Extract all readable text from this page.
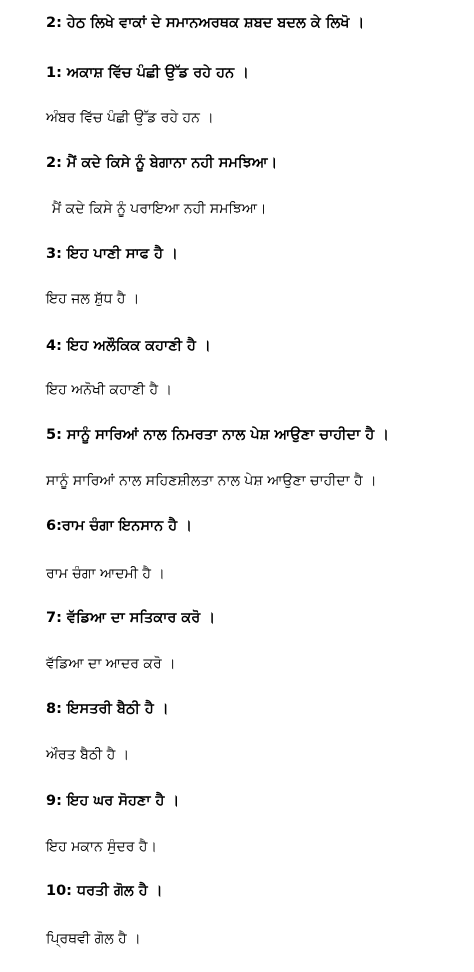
2: ਹੇਠ ਲਿਖੇ ਵਾਕਾਂ ਦੇ ਸਮਾਨਅਰਥਕ ਸ਼ਬਦ ਬਦਲ ਕੇ ਲਿਖੋ ।
1: ਅਕਾਸ਼ ਵਿੱਚ ਪੰਛੀ ਉੱਡ ਰਹੇ ਹਨ ।
ਅੰਬਰ ਵਿੱਚ ਪੰਛੀ ਉੱਡ ਰਹੇ ਹਨ ।
2: ਮੈਂ ਕਦੇ ਕਿਸੇ ਨੂੰ ਬੇਗਾਨਾ ਨਹੀ ਸਮਝਿਆ।
ਮੈਂ ਕਦੇ ਕਿਸੇ ਨੂੰ ਪਰਾਇਆ ਨਹੀ ਸਮਝਿਆ।
3: ਇਹ ਪਾਣੀ ਸਾਫ ਹੈ ।
ਇਹ ਜਲ ਸ਼ੁੱਧ ਹੈ ।
4: ਇਹ ਅਲੌਕਿਕ ਕਹਾਣੀ ਹੈ ।
ਇਹ ਅਨੋਖੀ ਕਹਾਣੀ ਹੈ ।
5: ਸਾਨੂੰ ਸਾਰਿਆਂ ਨਾਲ ਨਿਮਰਤਾ ਨਾਲ ਪੇਸ਼ ਆਉਣਾ ਚਾਹੀਦਾ ਹੈ ।
ਸਾਨੂੰ ਸਾਰਿਆਂ ਨਾਲ ਸਹਿਣਸ਼ੀਲਤਾ ਨਾਲ ਪੇਸ਼ ਆਉਣਾ ਚਾਹੀਦਾ ਹੈ ।
6:ਰਾਮ ਚੰਗਾ ਇਨਸਾਨ ਹੈ ।
ਰਾਮ ਚੰਗਾ ਆਦਮੀ ਹੈ ।
7: ਵੱਡਿਆ ਦਾ ਸਤਿਕਾਰ ਕਰੋ ।
ਵੱਡਿਆ ਦਾ ਆਦਰ ਕਰੋ ।
8: ਇਸਤਰੀ ਬੈਠੀ ਹੈ ।
ਔਰਤ ਬੈਠੀ ਹੈ ।
9: ਇਹ ਘਰ ਸੋਹਣਾ ਹੈ ।
ਇਹ ਮਕਾਨ ਸੁੰਦਰ ਹੈ।
10: ਧਰਤੀ ਗੋਲ ਹੈ ।
ਪ੍ਰਿਥਵੀ ਗੋਲ ਹੈ ।
